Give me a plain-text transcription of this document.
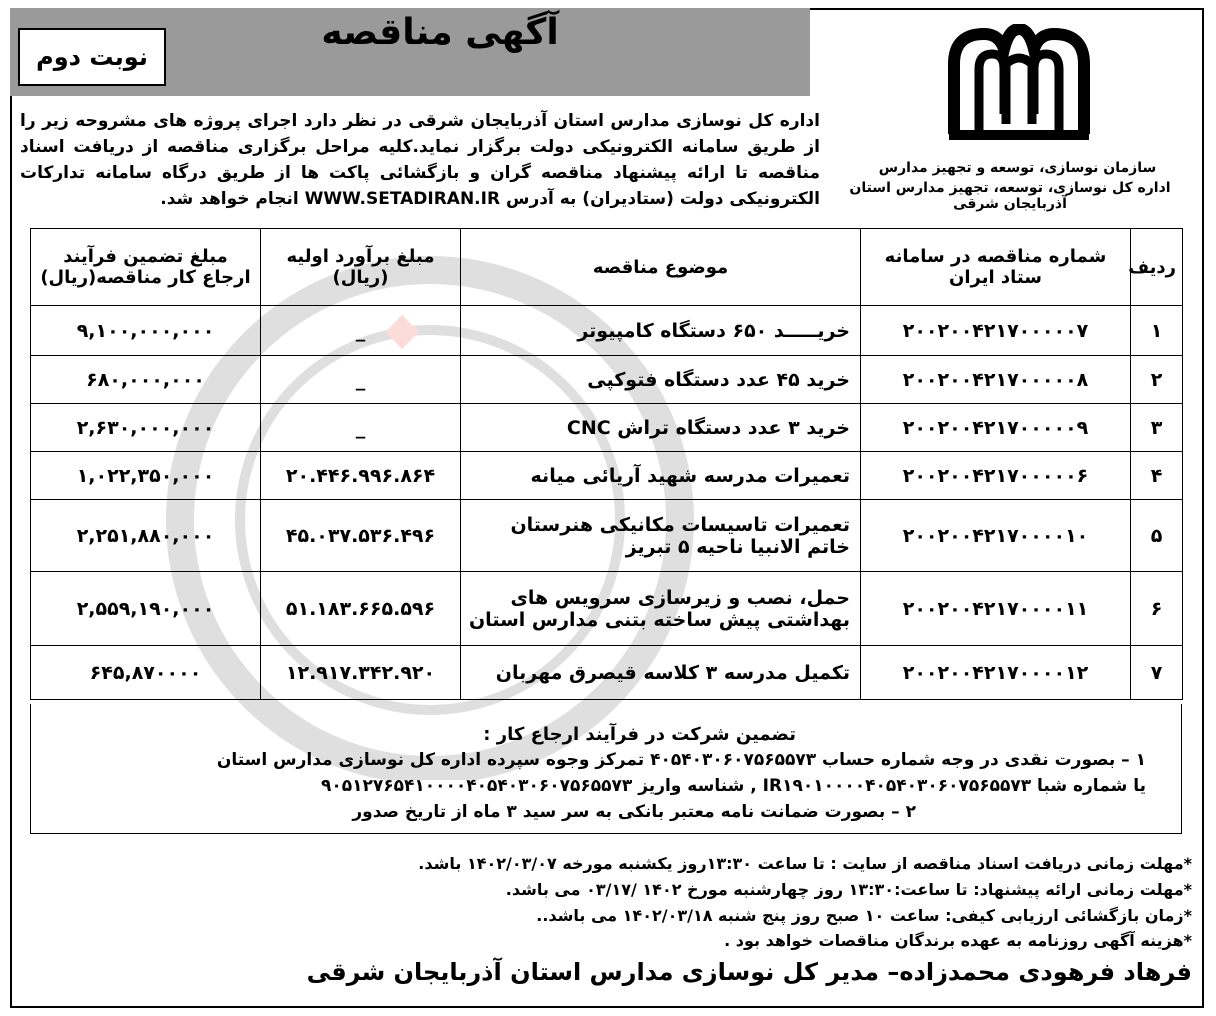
آگهی مناقصه
نوبت دوم
سازمان نوسازی، توسعه و تجهیز مدارس
اداره کل نوسازی، توسعه، تجهیز مدارس استان آذربایجان شرقی
اداره کل نوسازی مدارس استان آذربایجان شرقی در نظر دارد اجرای پروژه های مشروحه زیر را از طریق سامانه الکترونیکی دولت برگزار نماید.کلیه مراحل برگزاری مناقصه از دریافت اسناد مناقصه تا ارائه پیشنهاد مناقصه گران و بازگشائی پاکت ها از طریق درگاه سامانه تدارکات الکترونیکی دولت (ستادیران) به آدرس WWW.SETADIRAN.IR انجام خواهد شد.
ردیف	شماره مناقصه در سامانه ستاد ایران	موضوع مناقصه	مبلغ برآورد اولیه (ریال)	مبلغ تضمین فرآیند ارجاع کار مناقصه(ریال)
۱	۲۰۰۲۰۰۴۲۱۷۰۰۰۰۰۷	خریـــــد ۶۵۰ دستگاه کامپیوتر	_	۹,۱۰۰,۰۰۰,۰۰۰
۲	۲۰۰۲۰۰۴۲۱۷۰۰۰۰۰۸	خرید ۴۵ عدد دستگاه فتوکپی	_	۶۸۰,۰۰۰,۰۰۰
۳	۲۰۰۲۰۰۴۲۱۷۰۰۰۰۰۹	خرید ۳ عدد دستگاه تراش CNC	_	۲,۶۳۰,۰۰۰,۰۰۰
۴	۲۰۰۲۰۰۴۲۱۷۰۰۰۰۰۶	تعمیرات مدرسه شهید آریائی میانه	۲۰.۴۴۶.۹۹۶.۸۶۴	۱,۰۲۲,۳۵۰,۰۰۰
۵	۲۰۰۲۰۰۴۲۱۷۰۰۰۰۱۰	تعمیرات تاسیسات مکانیکی هنرستان خاتم الانبیا ناحیه ۵ تبریز	۴۵.۰۳۷.۵۳۶.۴۹۶	۲,۲۵۱,۸۸۰,۰۰۰
۶	۲۰۰۲۰۰۴۲۱۷۰۰۰۰۱۱	حمل، نصب و زیرسازی سرویس های بهداشتی پیش ساخته بتنی مدارس استان	۵۱.۱۸۳.۶۶۵.۵۹۶	۲,۵۵۹,۱۹۰,۰۰۰
۷	۲۰۰۲۰۰۴۲۱۷۰۰۰۰۱۲	تکمیل مدرسه ۳ کلاسه قیصرق مهربان	۱۲.۹۱۷.۳۴۲.۹۲۰	۶۴۵,۸۷۰۰۰۰
تضمین شرکت در فرآیند ارجاع کار :
۱ – بصورت نقدی در وجه شماره حساب ۴۰۵۴۰۳۰۶۰۷۵۶۵۵۷۳ تمرکز وجوه سپرده اداره کل نوسازی مدارس استان
یا شماره شبا IR۱۹۰۱۰۰۰۰۴۰۵۴۰۳۰۶۰۷۵۶۵۵۷۳ , شناسه واریز ۹۰۵۱۲۷۶۵۴۱۰۰۰۰۴۰۵۴۰۳۰۶۰۷۵۶۵۵۷۳
۲ – بصورت ضمانت نامه معتبر بانکی به سر سید ۳ ماه از تاریخ صدور
*مهلت زمانی دریافت اسناد مناقصه از سایت : تا ساعت ۱۳:۳۰روز یکشنبه مورخه ۱۴۰۲/۰۳/۰۷ باشد.
*مهلت زمانی ارائه پیشنهاد: تا ساعت:۱۳:۳۰ روز چهارشنبه مورخ ۱۴۰۲ /۰۳/۱۷ می باشد.
*زمان بازگشائی ارزیابی کیفی: ساعت ۱۰ صبح روز پنج شنبه ۱۴۰۲/۰۳/۱۸ می باشد..
*هزینه آگهی روزنامه به عهده برندگان مناقصات خواهد بود .
فرهاد فرهودی محمدزاده– مدیر کل نوسازی مدارس استان آذربایجان شرقی
